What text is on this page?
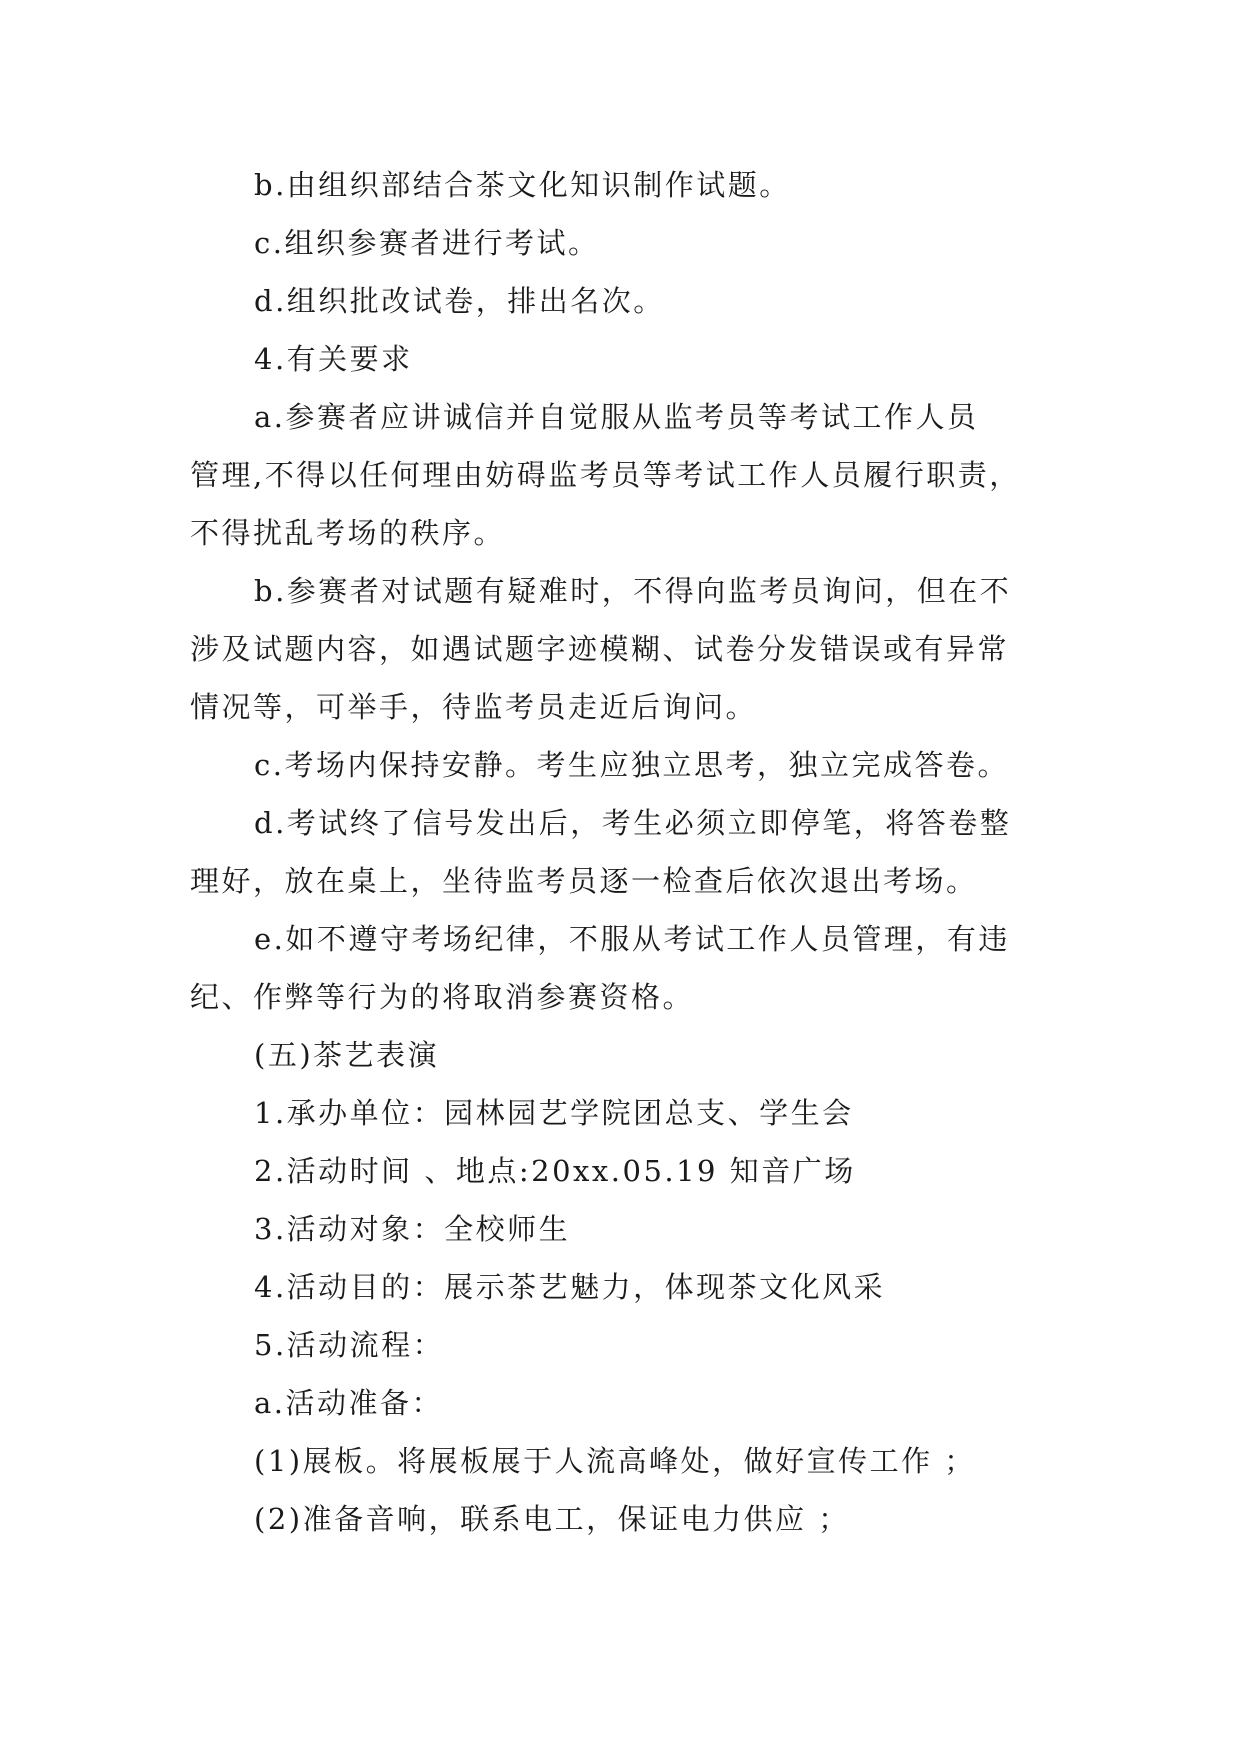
b.由组织部结合茶文化知识制作试题。

c.组织参赛者进行考试。

d.组织批改试卷，排出名次。

4.有关要求

a.参赛者应讲诚信并自觉服从监考员等考试工作人员

管理,不得以任何理由妨碍监考员等考试工作人员履行职责，

不得扰乱考场的秩序。

b.参赛者对试题有疑难时，不得向监考员询问，但在不

涉及试题内容，如遇试题字迹模糊、试卷分发错误或有异常

情况等，可举手，待监考员走近后询问。

c.考场内保持安静。考生应独立思考，独立完成答卷。

d.考试终了信号发出后，考生必须立即停笔，将答卷整

理好，放在桌上，坐待监考员逐一检查后依次退出考场。

e.如不遵守考场纪律，不服从考试工作人员管理，有违

纪、作弊等行为的将取消参赛资格。

(五)茶艺表演

1.承办单位：园林园艺学院团总支、学生会

2.活动时间 、地点:20xx.05.19 知音广场

3.活动对象：全校师生

4.活动目的：展示茶艺魅力，体现茶文化风采

5.活动流程：

a.活动准备：

(1)展板。将展板展于人流高峰处，做好宣传工作 ；

(2)准备音响，联系电工，保证电力供应 ；
